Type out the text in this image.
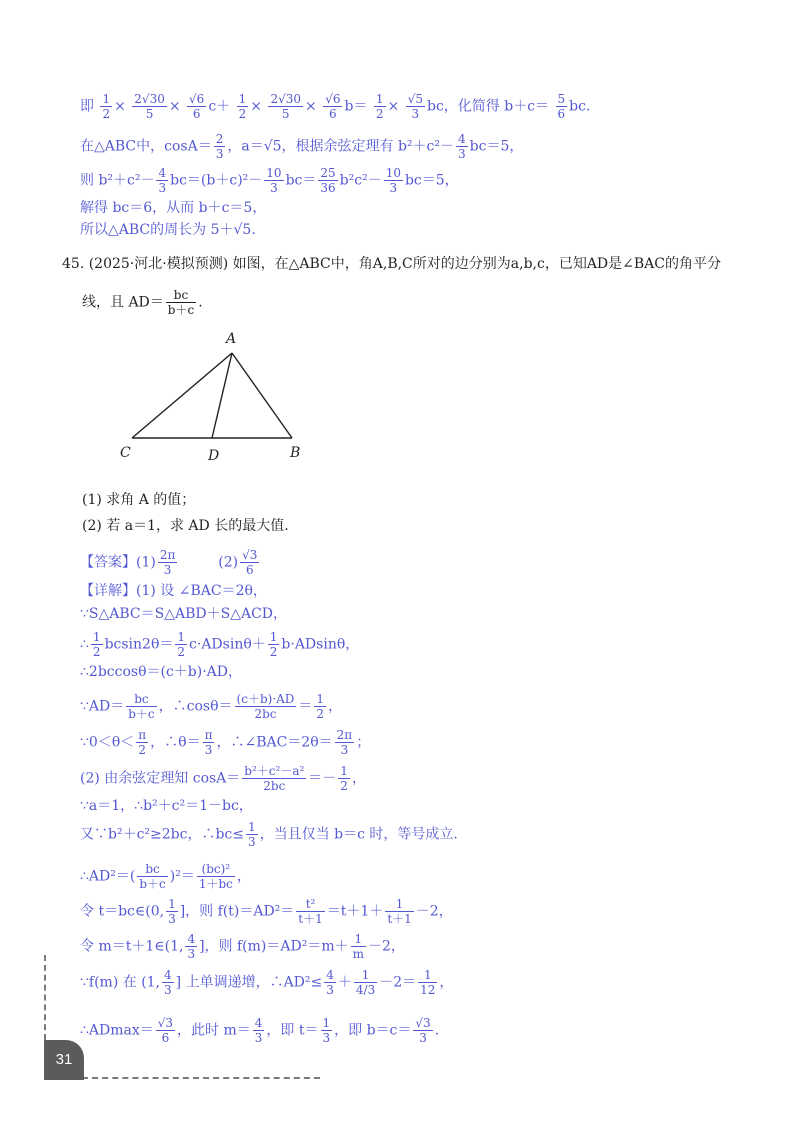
即 $\frac{1}{2} \times \frac{2√30}{5} \times \frac{√6}{6} c+ \frac{1}{2} \times \frac{2√30}{5} \times \frac{√6}{6} b= \frac{1}{2} \times \frac{√5}{3}$ bc，化简得 $b+c= \frac{5}{6}$ bc.
在△ABC中，$\cos A= \frac{2}{3}$ ，a＝√5，根据余弦定理有 $b^2+c^2- \frac{4}{3} bc=5$，
则 $b^2+c^2- \frac{4}{3} bc=(b+c)^2- \frac{10}{3} bc= \frac{25}{36} b^2c^2- \frac{10}{3} bc=5$，
解得 bc＝6，从而 b＋c＝5，
所以△ABC的周长为 5＋√5.
45. (2025·河北·模拟预测) 如图，在△ABC中，角A,B,C所对的边分别为a,b,c，已知AD是∠BAC的角平分
线，且 $AD= \frac{bc}{b+c}$ .
A
C	D	B
(1) 求角 A 的值；
(2) 若 a＝1，求 AD 长的最大值.
【答案】$(1) \frac{2\pi}{3}$	$(2) \frac{√3}{6}$
【详解】(1) 设 ∠BAC＝2θ，
∵S△ABC＝S△ABD＋S△ACD，
∴ $\frac{1}{2} bcsin2\theta= \frac{1}{2} c\cdot ADsin\theta+ \frac{1}{2} b\cdot ADsin\theta$，
∴2bccosθ＝(c＋b)·AD，
∵AD＝ $\frac{bc}{b+c}$ ，∴cosθ＝ $\frac{(c+b)\cdot AD}{2bc} = \frac{1}{2}$ ，
∵0＜θ＜ $\frac{\pi}{2}$ ，∴θ＝ $\frac{\pi}{3}$ ，∴∠BAC＝2θ＝ $\frac{2\pi}{3}$ ；
(2) 由余弦定理知 $\cos A= \frac{\text{b²＋c²－a²}}{2bc} =- \frac{1}{2}$ ，
∵a＝1，∴b²＋c²＝1－bc，
又∵b²＋c²≥2bc，∴bc≤ $\frac{1}{3}$ ，当且仅当 b＝c 时，等号成立.
∴AD²＝( $\frac{bc}{b+c} )^2= \frac{\text{(bc)²}}{1+bc}$ ，
令 t＝bc∈(0, $\frac{1}{3}$ ]，则 $f(t)=AD^2= \frac{\text{t²}}{t+1} =t+1+ \frac{1}{t+1} -2$，
令 m＝t＋1∈(1, $\frac{4}{3}$ ]，则 $f(m)=AD^2=m+ \frac{1}{m} -2$，
∵f(m) 在 (1, $\frac{4}{3}$ ] 上单调递增，∴AD²≤ $\frac{4}{3} + \frac{1}{4/3} -2= \frac{1}{12}$ ，
∴ADmax＝ $\frac{√3}{6}$ ，此时 $m= \frac{4}{3}$ ，即 $t= \frac{1}{3}$ ，即 $b=c= \frac{√3}{3}$ .
31
